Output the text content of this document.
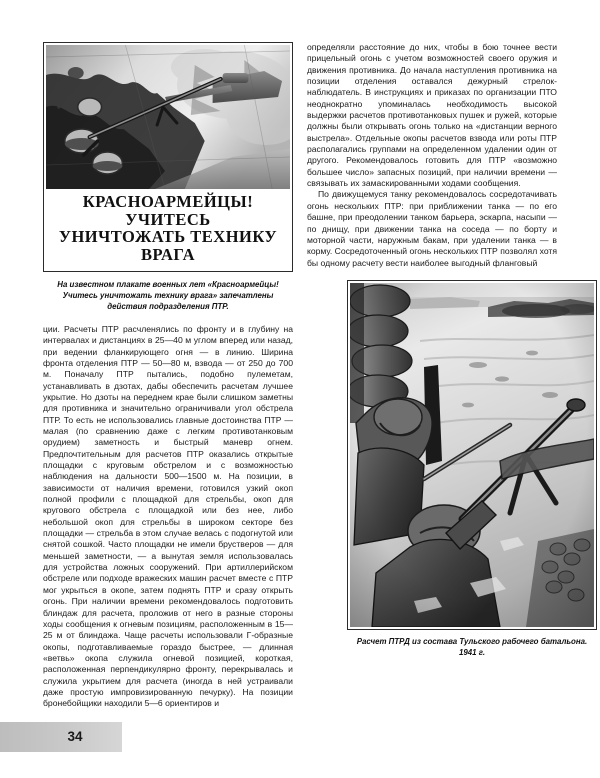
КРАСНОАРМЕЙЦЫ! УЧИТЕСЬ
УНИЧТОЖАТЬ ТЕХНИКУ ВРАГА
На известном плакате военных лет «Красноармейцы! Учитесь уничтожать технику врага» запечатлены действия подразделения ПТР.

ции. Расчеты ПТР расчленялись по фронту и в глубину на интервалах и дистанциях в 25—40 м углом вперед или назад, при ведении фланкирующего огня — в линию. Ширина фронта отделения ПТР — 50—80 м, взвода — от 250 до 700 м. Поначалу ПТР пытались, подобно пулеметам, устанавливать в дзотах, дабы обеспечить расчетам лучшее укрытие. Но дзоты на переднем крае были слишком заметны для противника и значительно ограничивали угол обстрела ПТР. То есть не использовались главные достоинства ПТР — малая (по сравнению даже с легким противотанковым орудием) заметность и быстрый маневр огнем. Предпочтительным для расчетов ПТР оказались открытые площадки с круговым обстрелом и с возможностью наблюдения на дальности 500—1500 м. На позиции, в зависимости от наличия времени, готовился узкий окоп полной профили с площадкой для стрельбы, окоп для кругового обстрела с площадкой или без нее, либо небольшой окоп для стрельбы в широком секторе без площадки — стрельба в этом случае велась с подогнутой или снятой сошкой. Часто площадки не имели брустверов — для меньшей заметности, — а вынутая земля использовалась для устройства ложных сооружений. При артиллерийском обстреле или подходе вражеских машин расчет вместе с ПТР мог укрыться в окопе, затем поднять ПТР и сразу открыть огонь. При наличии времени рекомендовалось подготовить блиндаж для расчета, проложив от него в разные стороны ходы сообщения к огневым позициям, расположенным в 15—25 м от блиндажа. Чаще расчеты использовали Г-образные окопы, подготавливаемые гораздо быстрее, — длинная «ветвь» окопа служила огневой позицией, короткая, расположенная перпендикулярно фронту, перекрывалась и служила укрытием для расчета (иногда в ней устраивали даже простую импровизированную печурку). На позиции бронебойщики находили 5—6 ориентиров и

определяли расстояние до них, чтобы в бою точнее вести прицельный огонь с учетом возможностей своего оружия и движения противника. До начала наступления противника на позиции отделения оставался дежурный стрелок-наблюдатель. В инструкциях и приказах по организации ПТО неоднократно упоминалась необходимость высокой выдержки расчетов противотанковых пушек и ружей, которые должны были открывать огонь только на «дистанции верного выстрела». Отдельные окопы расчетов взвода или роты ПТР располагались группами на определенном удалении один от другого. Рекомендовалось готовить для ПТР «возможно большее число» запасных позиций, при наличии времени — связывать их замаскированными ходами сообщения.

По движущемуся танку рекомендовалось сосредотачивать огонь нескольких ПТР: при приближении танка — по его башне, при преодолении танком барьера, эскарпа, насыпи — по днищу, при движении танка на соседа — по борту и моторной части, наружным бакам, при удалении танка — в корму. Сосредоточенный огонь нескольких ПТР позволял хотя бы одному расчету вести наиболее выгодный фланговый

Расчет ПТРД из состава Тульского рабочего батальона. 1941 г.
34
